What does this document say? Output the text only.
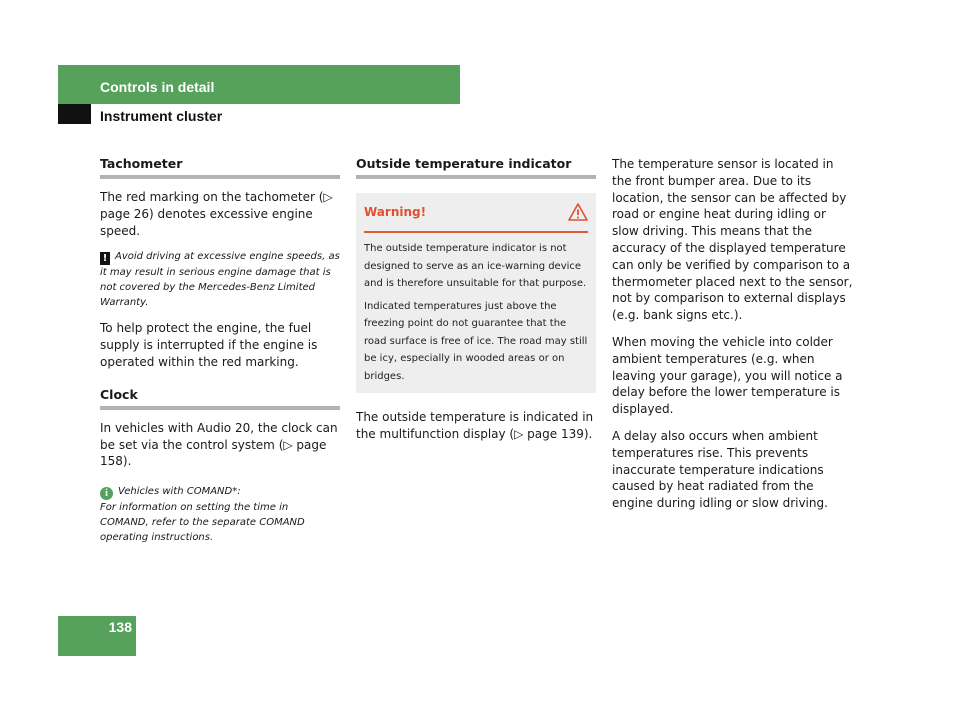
Controls in detail
Instrument cluster
Tachometer

The red marking on the tachometer (▷ page 26) denotes excessive engine speed.

! Avoid driving at excessive engine speeds, as it may result in serious engine damage that is not covered by the Mercedes-Benz Limited Warranty.

To help protect the engine, the fuel supply is interrupted if the engine is operated within the red marking.

Clock

In vehicles with Audio 20, the clock can be set via the control system (▷ page 158).

i Vehicles with COMAND*:
For information on setting the time in COMAND, refer to the separate COMAND operating instructions.

Outside temperature indicator
Warning!

The outside temperature indicator is not designed to serve as an ice-warning device and is therefore unsuitable for that purpose.

Indicated temperatures just above the freezing point do not guarantee that the road surface is free of ice. The road may still be icy, especially in wooded areas or on bridges.

The outside temperature is indicated in the multifunction display (▷ page 139).

The temperature sensor is located in the front bumper area. Due to its location, the sensor can be affected by road or engine heat during idling or slow driving. This means that the accuracy of the displayed temperature can only be verified by comparison to a thermometer placed next to the sensor, not by comparison to external displays (e.g. bank signs etc.).

When moving the vehicle into colder ambient temperatures (e.g. when leaving your garage), you will notice a delay before the lower temperature is displayed.

A delay also occurs when ambient temperatures rise. This prevents inaccurate temperature indications caused by heat radiated from the engine during idling or slow driving.

138
